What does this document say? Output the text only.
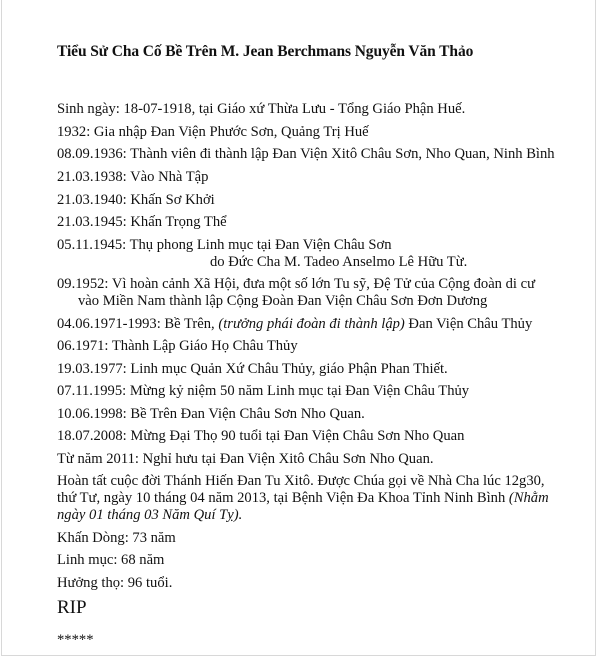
Tiểu Sử Cha Cố Bề Trên M. Jean Berchmans Nguyễn Văn Thảo
Sinh ngày: 18-07-1918, tại Giáo xứ Thừa Lưu - Tổng Giáo Phận Huế.
1932: Gia nhập Đan Viện Phước Sơn, Quảng Trị Huế
08.09.1936: Thành viên đi thành lập Đan Viện Xitô Châu Sơn, Nho Quan, Ninh Bình
21.03.1938: Vào Nhà Tập
21.03.1940: Khấn Sơ Khởi
21.03.1945: Khấn Trọng Thể
05.11.1945: Thụ phong Linh mục tại Đan Viện Châu Sơn
do Đức Cha M. Tadeo Anselmo Lê Hữu Từ.
09.1952: Vì hoàn cảnh Xã Hội, đưa một số lớn Tu sỹ, Đệ Tử của Cộng đoàn di cư
vào Miền Nam thành lập Cộng Đoàn Đan Viện Châu Sơn Đơn Dương
04.06.1971-1993: Bề Trên, (trưởng phái đoàn đi thành lập) Đan Viện Châu Thủy
06.1971: Thành Lập Giáo Họ Châu Thủy
19.03.1977: Linh mục Quản Xứ Châu Thủy, giáo Phận Phan Thiết.
07.11.1995: Mừng kỷ niệm 50 năm Linh mục tại Đan Viện Châu Thủy
10.06.1998: Bề Trên Đan Viện Châu Sơn Nho Quan.
18.07.2008: Mừng Đại Thọ 90 tuổi tại Đan Viện Châu Sơn Nho Quan
Từ năm 2011: Nghỉ hưu tại Đan Viện Xitô Châu Sơn Nho Quan.
Hoàn tất cuộc đời Thánh Hiến Đan Tu Xitô. Được Chúa gọi về Nhà Cha lúc 12g30,
thứ Tư, ngày 10 tháng 04 năm 2013, tại Bệnh Viện Đa Khoa Tỉnh Ninh Bình (Nhằm
ngày 01 tháng 03 Năm Quí Tỵ).
Khấn Dòng: 73 năm
Linh mục: 68 năm
Hưởng thọ: 96 tuổi.
RIP
*****
